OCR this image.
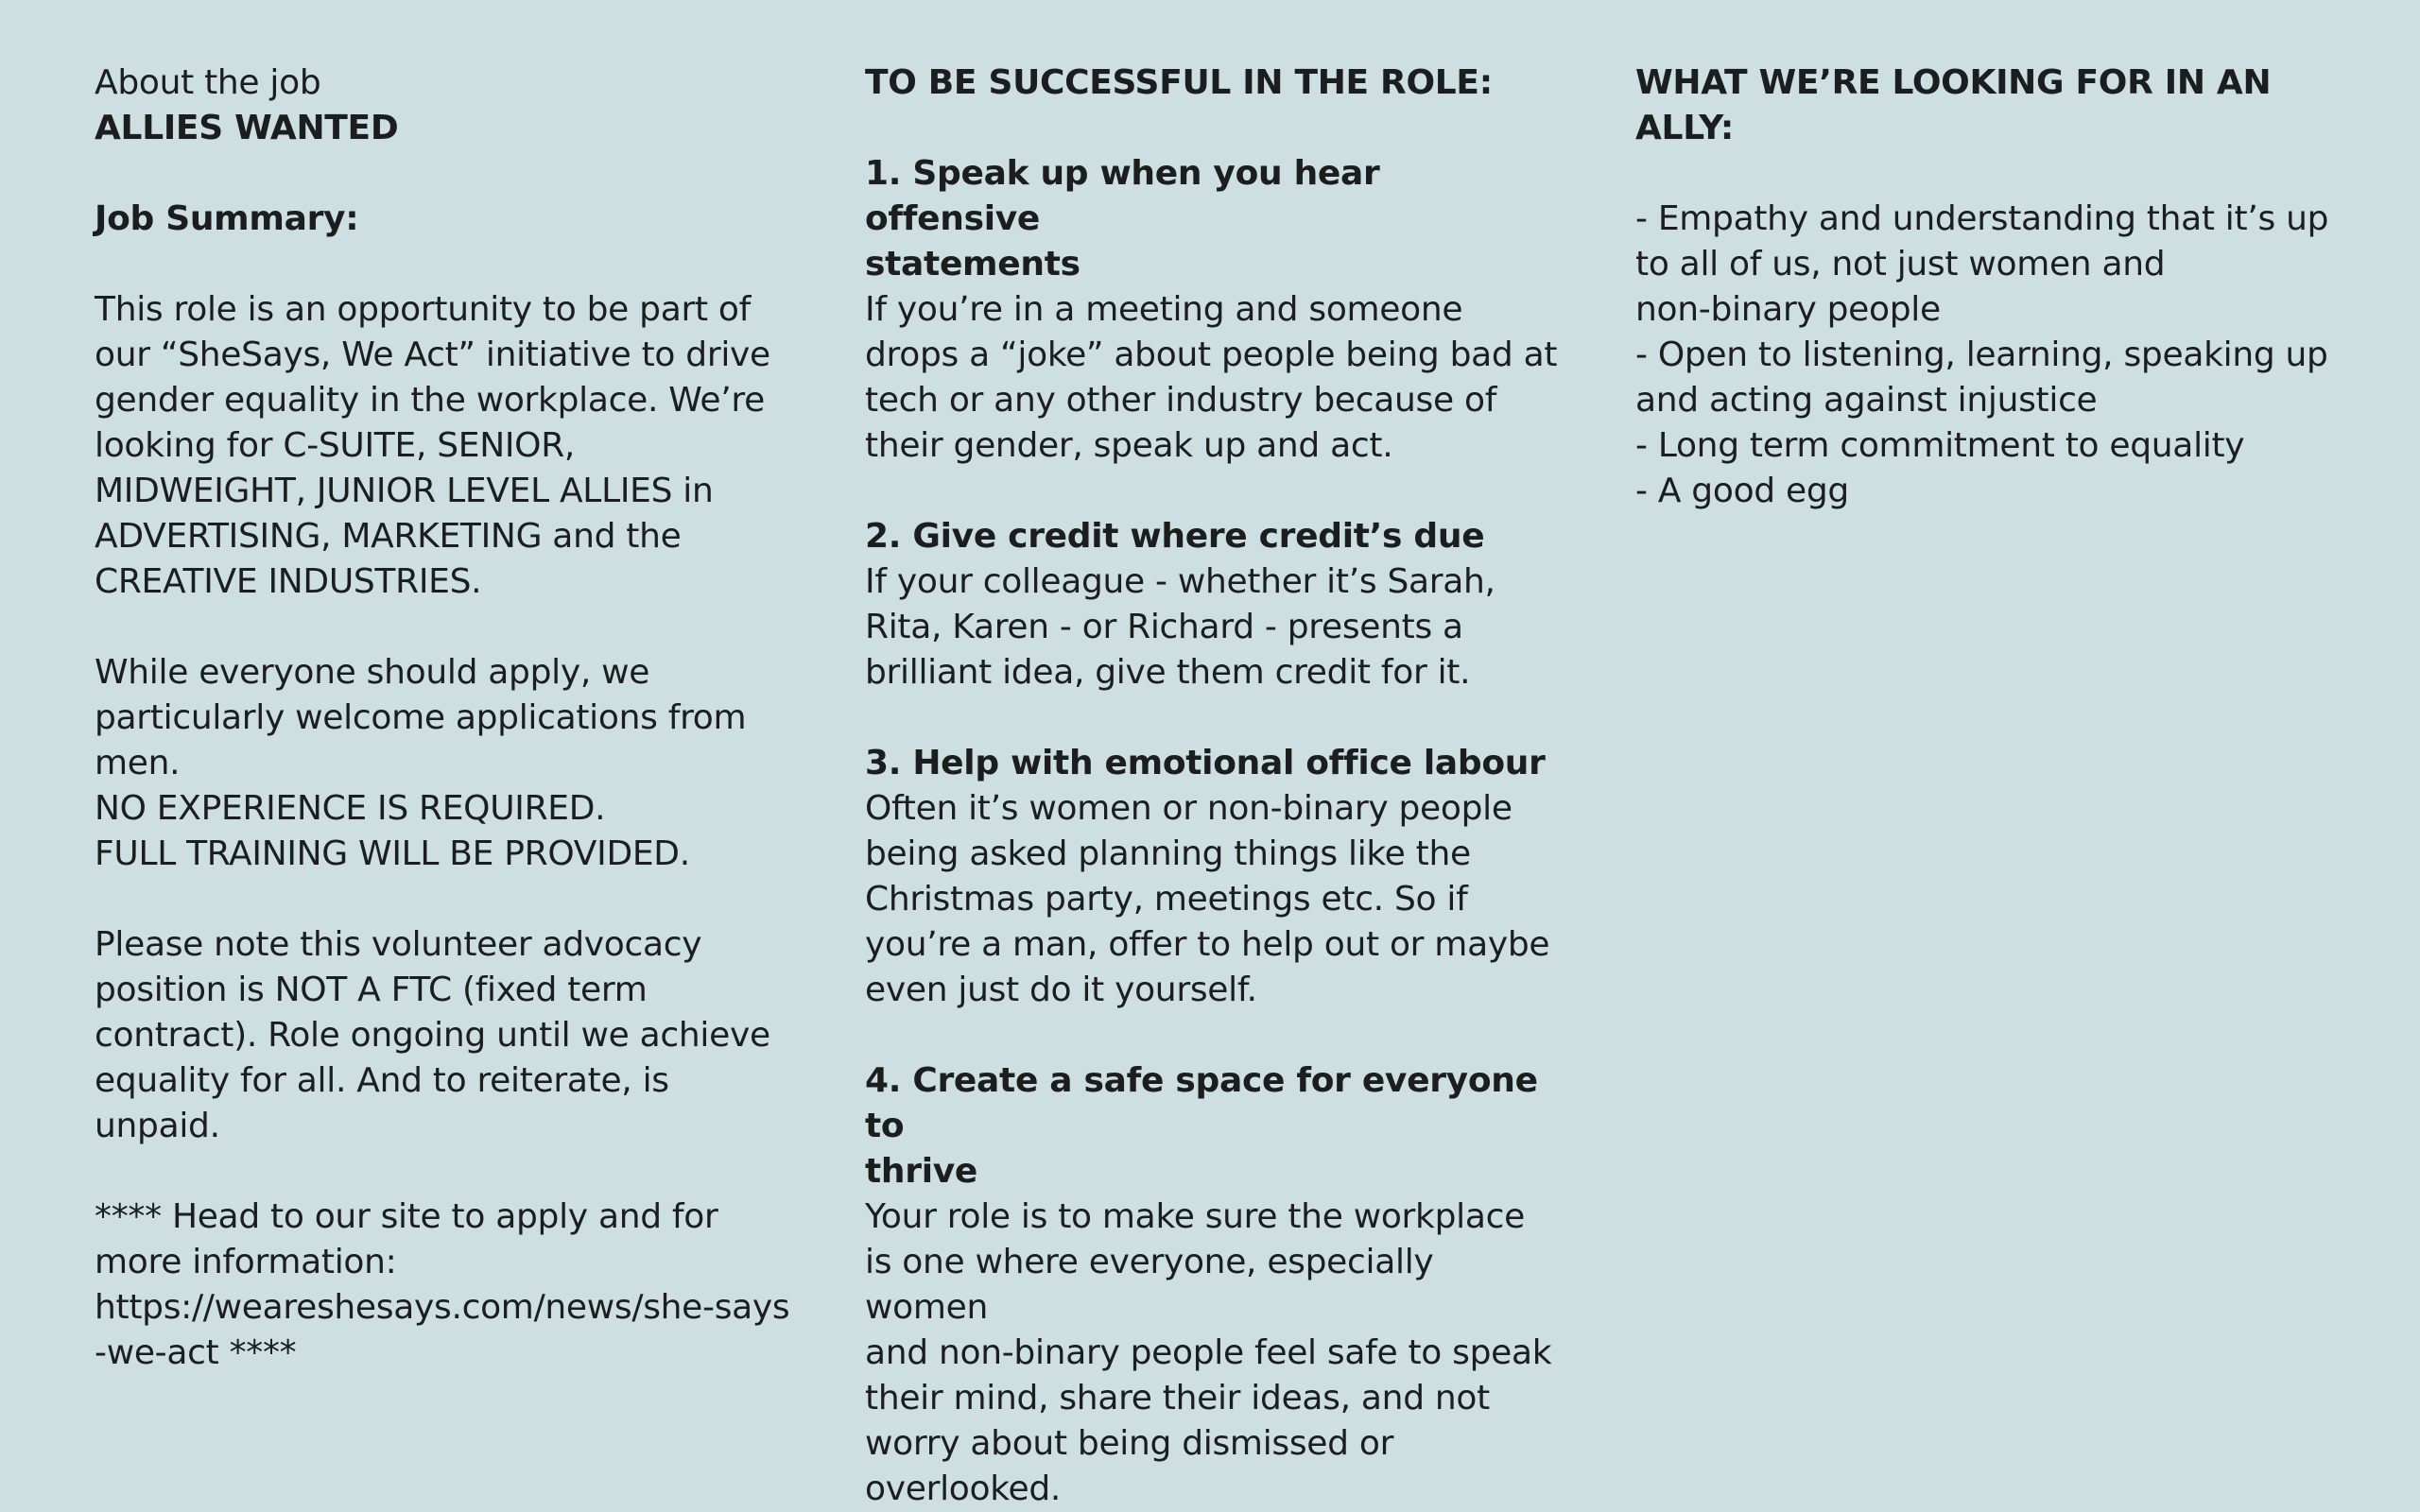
About the job
ALLIES WANTED
Job Summary:
This role is an opportunity to be part of
our “SheSays, We Act” initiative to drive
gender equality in the workplace. We’re
looking for C-SUITE, SENIOR,
MIDWEIGHT, JUNIOR LEVEL ALLIES in
ADVERTISING, MARKETING and the
CREATIVE INDUSTRIES.
While everyone should apply, we
particularly welcome applications from
men.
NO EXPERIENCE IS REQUIRED.
FULL TRAINING WILL BE PROVIDED.
Please note this volunteer advocacy
position is NOT A FTC (fixed term
contract). Role ongoing until we achieve
equality for all. And to reiterate, is
unpaid.
**** Head to our site to apply and for
more information:
https://weareshesays.com/news/she-says
-we-act ****
TO BE SUCCESSFUL IN THE ROLE:
1. Speak up when you hear offensive
statements
If you’re in a meeting and someone
drops a “joke” about people being bad at
tech or any other industry because of
their gender, speak up and act.
2. Give credit where credit’s due
If your colleague - whether it’s Sarah,
Rita, Karen - or Richard - presents a
brilliant idea, give them credit for it.
3. Help with emotional office labour
Often it’s women or non-binary people
being asked planning things like the
Christmas party, meetings etc. So if
you’re a man, offer to help out or maybe
even just do it yourself.
4. Create a safe space for everyone to
thrive
Your role is to make sure the workplace
is one where everyone, especially women
and non-binary people feel safe to speak
their mind, share their ideas, and not
worry about being dismissed or
overlooked.
WHAT WE’RE LOOKING FOR IN AN
ALLY:
- Empathy and understanding that it’s up
to all of us, not just women and
non-binary people
- Open to listening, learning, speaking up
and acting against injustice
- Long term commitment to equality
- A good egg
